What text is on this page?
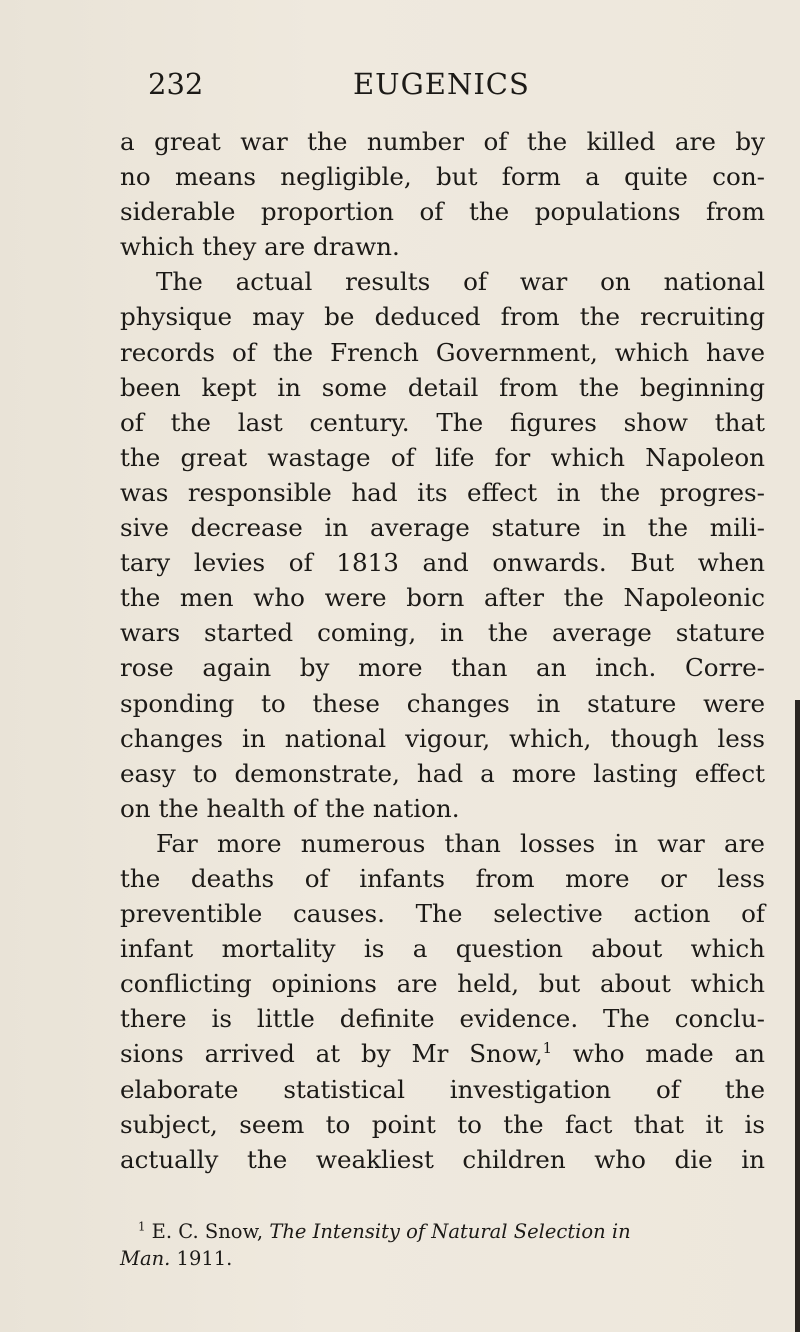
232	EUGENICS
a great war the number of the killed are by
no means negligible, but form a quite con-
siderable proportion of the populations from
which they are drawn.
The actual results of war on national
physique may be deduced from the recruiting
records of the French Government, which have
been kept in some detail from the beginning
of the last century. The figures show that
the great wastage of life for which Napoleon
was responsible had its effect in the progres-
sive decrease in average stature in the mili-
tary levies of 1813 and onwards. But when
the men who were born after the Napoleonic
wars started coming, in the average stature
rose again by more than an inch. Corre-
sponding to these changes in stature were
changes in national vigour, which, though less
easy to demonstrate, had a more lasting effect
on the health of the nation.
Far more numerous than losses in war are
the deaths of infants from more or less
preventible causes. The selective action of
infant mortality is a question about which
conflicting opinions are held, but about which
there is little definite evidence. The conclu-
sions arrived at by Mr Snow,$^1$ who made an
elaborate statistical investigation of the
subject, seem to point to the fact that it is
actually the weakliest children who die in
$^1$ E. C. Snow, The Intensity of Natural Selection in
Man. 1911.
